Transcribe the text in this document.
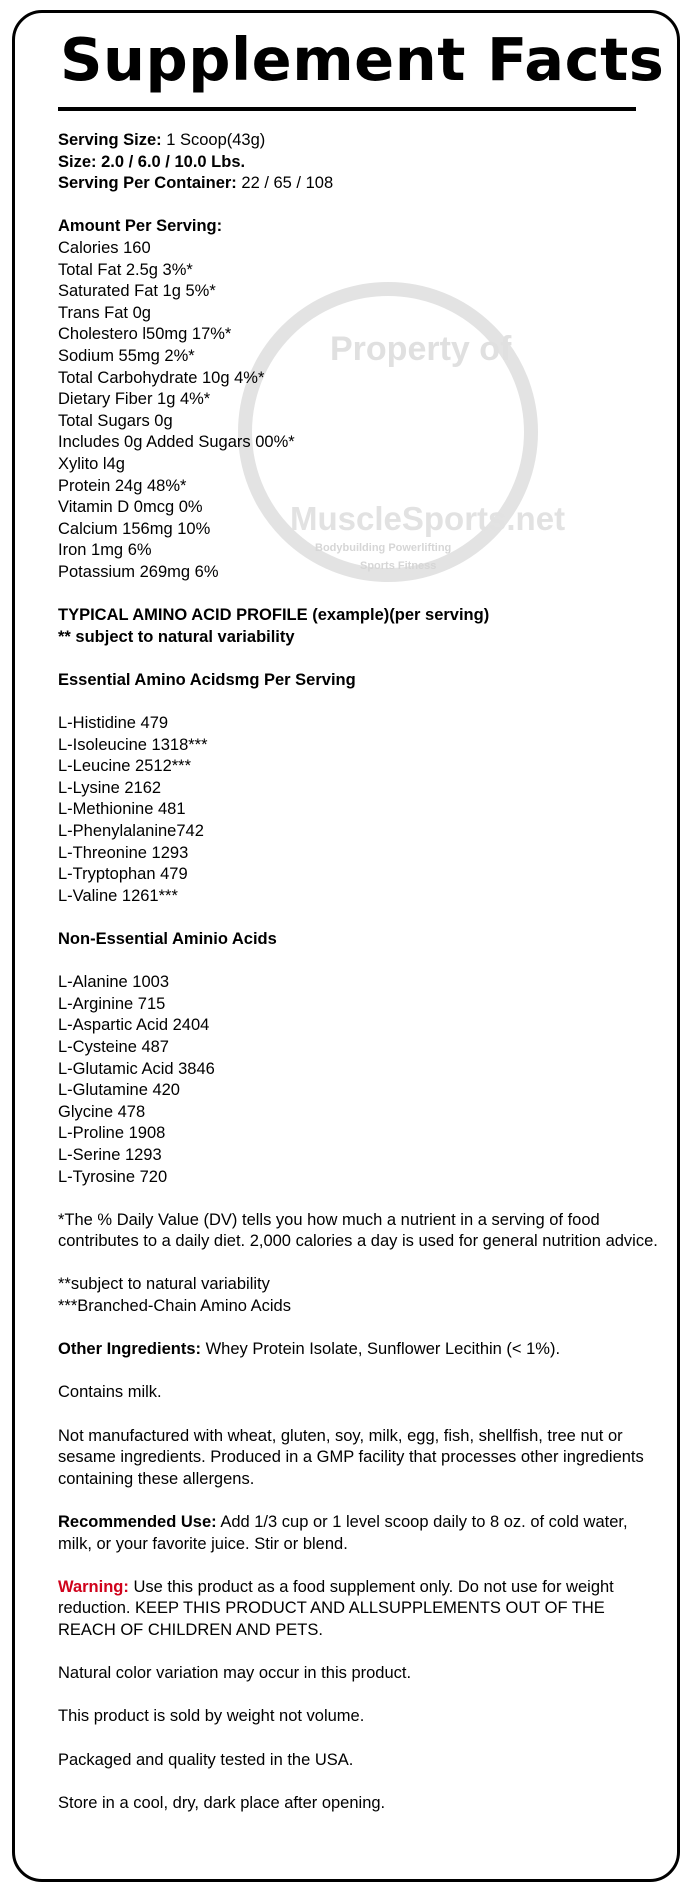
Property of
MuscleSports.net
Bodybuilding Powerlifting
Sports Fitness
Supplement Facts

Serving Size: 1 Scoop(43g)

Size: 2.0 / 6.0 / 10.0 Lbs.

Serving Per Container: 22 / 65 / 108

Amount Per Serving:

Calories 160

Total Fat 2.5g 3%*

Saturated Fat 1g 5%*

Trans Fat 0g

Cholestero l50mg 17%*

Sodium 55mg 2%*

Total Carbohydrate 10g 4%*

Dietary Fiber 1g 4%*

Total Sugars 0g

Includes 0g Added Sugars 00%*

Xylito l4g

Protein 24g 48%*

Vitamin D 0mcg 0%

Calcium 156mg 10%

Iron 1mg 6%

Potassium 269mg 6%

TYPICAL AMINO ACID PROFILE (example)(per serving)

** subject to natural variability

Essential Amino Acidsmg Per Serving

L-Histidine 479

L-Isoleucine 1318***

L-Leucine 2512***

L-Lysine 2162

L-Methionine 481

L-Phenylalanine742

L-Threonine 1293

L-Tryptophan 479

L-Valine 1261***

Non-Essential Aminio Acids

L-Alanine 1003

L-Arginine 715

L-Aspartic Acid 2404

L-Cysteine 487

L-Glutamic Acid 3846

L-Glutamine 420

Glycine 478

L-Proline 1908

L-Serine 1293

L-Tyrosine 720

*The % Daily Value (DV) tells you how much a nutrient in a serving of food contributes to a daily diet. 2,000 calories a day is used for general nutrition advice.

**subject to natural variability

***Branched-Chain Amino Acids

Other Ingredients: Whey Protein Isolate, Sunflower Lecithin (< 1%).

Contains milk.

Not manufactured with wheat, gluten, soy, milk, egg, fish, shellfish, tree nut or sesame ingredients. Produced in a GMP facility that processes other ingredients containing these allergens.

Recommended Use: Add 1/3 cup or 1 level scoop daily to 8 oz. of cold water, milk, or your favorite juice. Stir or blend.

Warning: Use this product as a food supplement only. Do not use for weight reduction. KEEP THIS PRODUCT AND ALLSUPPLEMENTS OUT OF THE REACH OF CHILDREN AND PETS.

Natural color variation may occur in this product.

This product is sold by weight not volume.

Packaged and quality tested in the USA.

Store in a cool, dry, dark place after opening.
